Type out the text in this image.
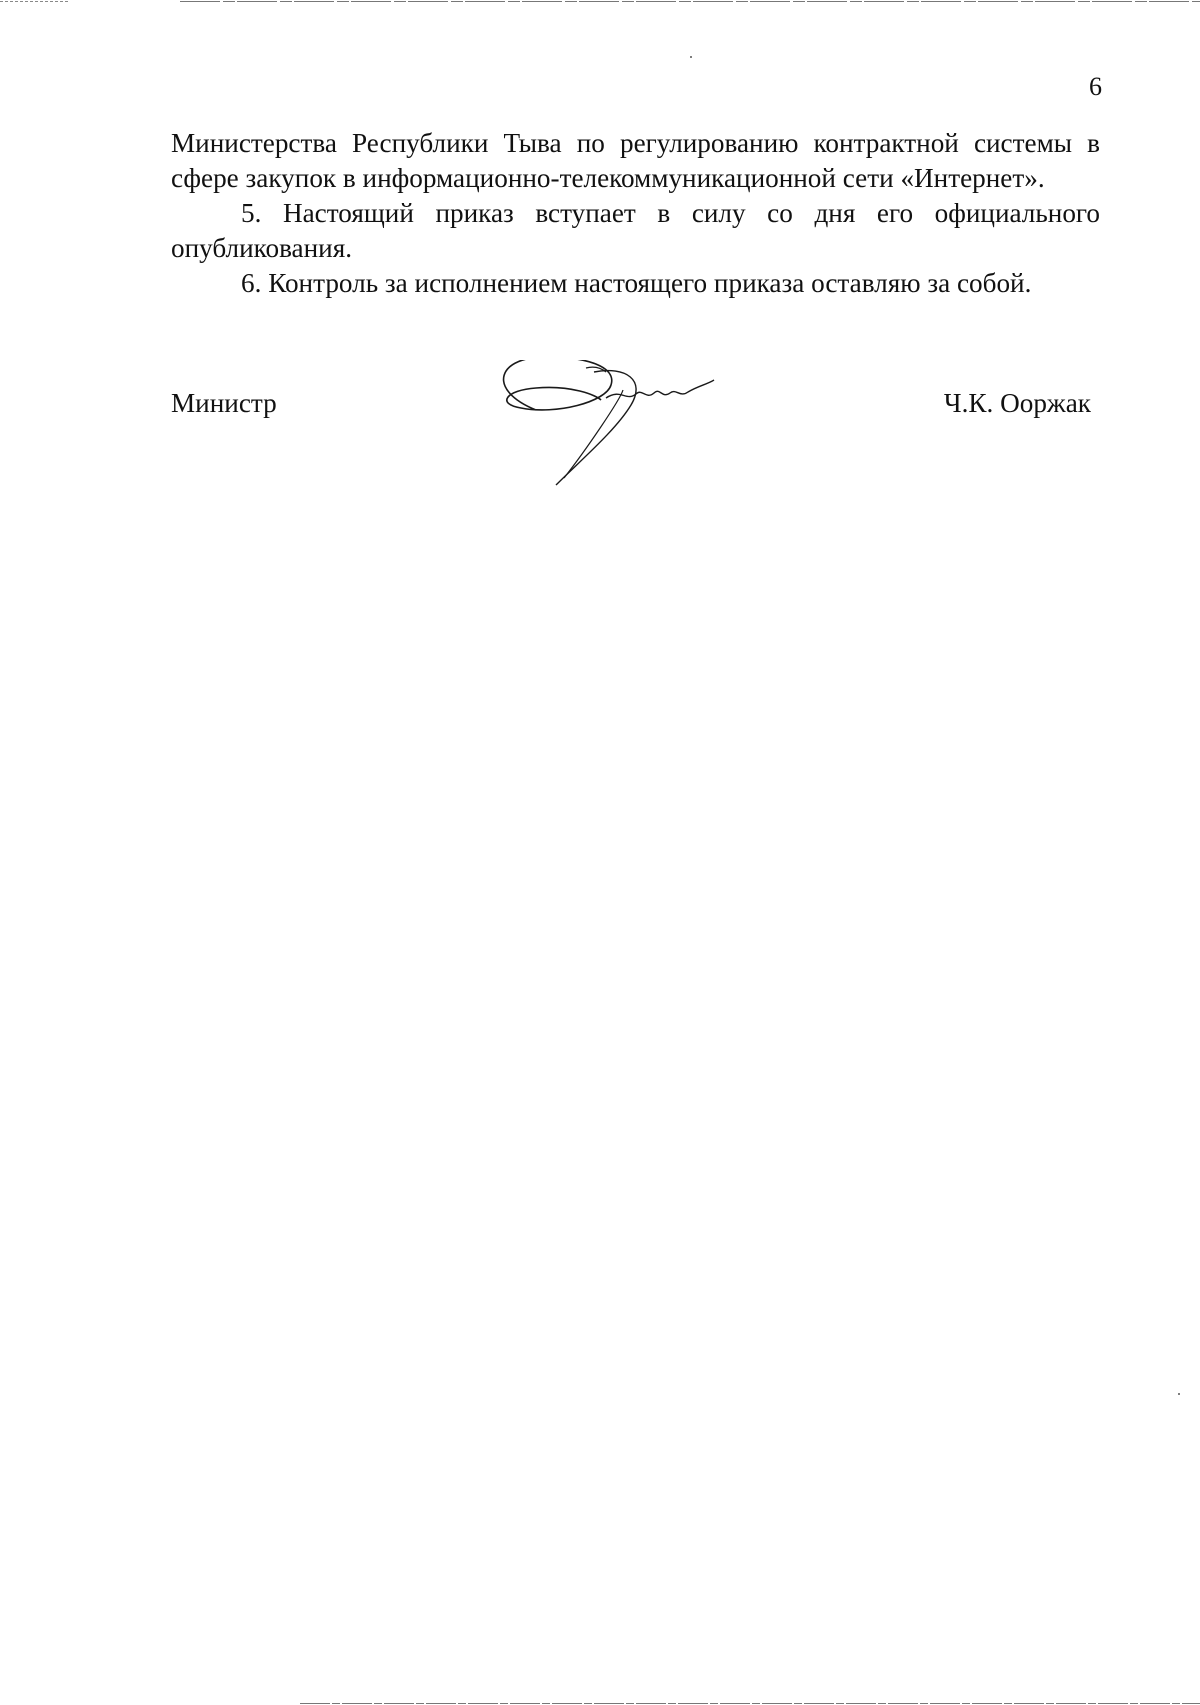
6

Министерства Республики Тыва по регулированию контрактной системы в сфере закупок в информационно-телекоммуникационной сети «Интернет».

5. Настоящий приказ вступает в силу со дня его официального опубликования.

6. Контроль за исполнением настоящего приказа оставляю за собой.

Министр	Ч.К. Ооржак
